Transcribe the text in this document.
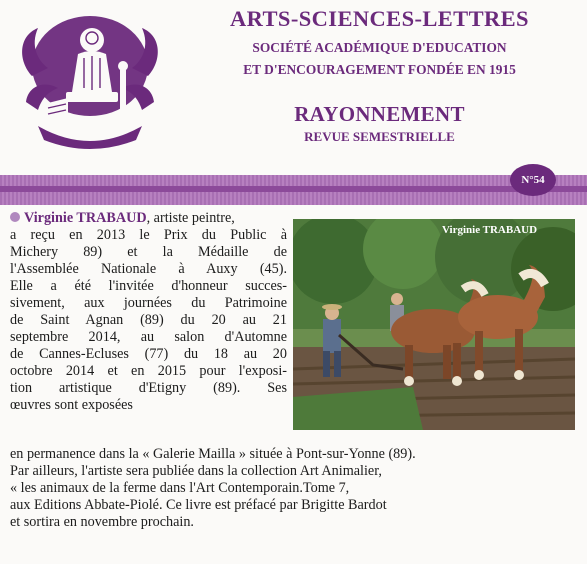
ARTS-SCIENCES-LETTRES
SOCIÉTÉ ACADÉMIQUE D'EDUCATION
ET D'ENCOURAGEMENT FONDÉE EN 1915
RAYONNEMENT
REVUE SEMESTRIELLE
N°54
Virginie TRABAUD
Virginie TRABAUD, artiste peintre,
a reçu en 2013 le Prix du Public à
Michery 89) et la Médaille de
l'Assemblée Nationale à Auxy (45).
Elle a été l'invitée d'honneur succes-
sivement, aux journées du Patrimoine
de Saint Agnan (89) du 20 au 21
septembre 2014, au salon d'Automne
de Cannes-Ecluses (77) du 18 au 20
octobre 2014 et en 2015 pour l'exposi-
tion artistique d'Etigny (89). Ses
œuvres sont exposées
en permanence dans la « Galerie Mailla » située à Pont-sur-Yonne (89).
Par ailleurs, l'artiste sera publiée dans la collection Art Animalier,
« les animaux de la ferme dans l'Art Contemporain.Tome 7,
aux Editions Abbate-Piolé. Ce livre est préfacé par Brigitte Bardot
et sortira en novembre prochain.
